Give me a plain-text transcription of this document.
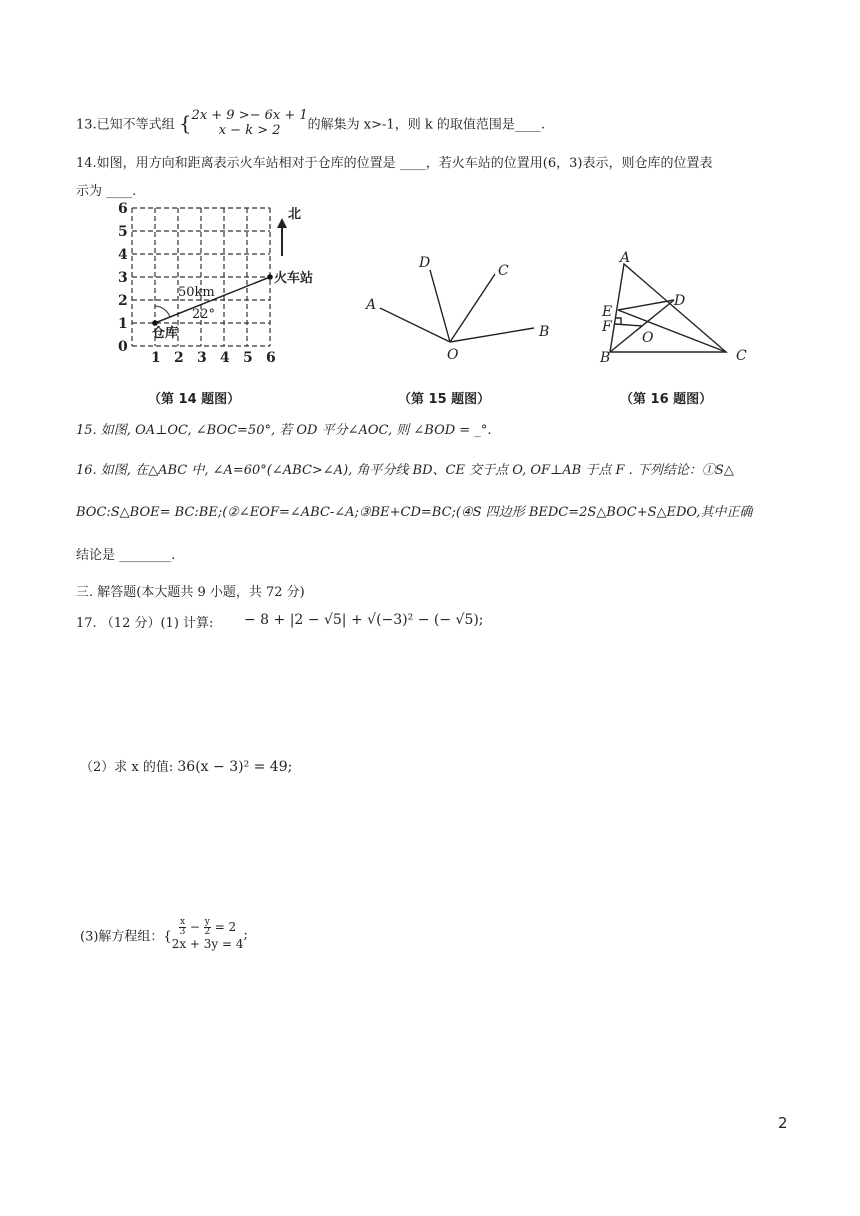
13.已知不等式组 { 2x + 9 >− 6x + 1
x − k > 2	的解集为 x>-1，则 k 的取值范围是____.
14.如图，用方向和距离表示火车站相对于仓库的位置是 ____，若火车站的位置用(6，3)表示，则仓库的位置表
示为 ____.
6
5
4
3
2
1
0
1 2 3 4 5 6
50km
22°
仓库
火车站
北
（第 14 题图）
A
D	C
B
O
（第 15 题图）
A
B	C
D
E
F
O
（第 16 题图）
15. 如图, OA⊥OC, ∠BOC=50°, 若 OD 平分∠AOC, 则 ∠BOD = _°.
16. 如图, 在△ABC 中, ∠A=60°(∠ABC>∠A), 角平分线 BD、CE 交于点 O, OF⊥AB 于点 F . 下列结论：①S△
BOC:S△BOE= BC:BE;(②∠EOF=∠ABC-∠A;③BE+CD=BC;(④S 四边形 BEDC=2S△BOC+S△EDO,其中正确
结论是 ________.
三. 解答题(本大题共 9 小题，共 72 分)
17. （12 分）(1) 计算: − 8 + |2 − √5| + √(−3)² − (− √5);
（2）求 x 的值: 36(x − 3)² = 49;
(3)解方程组：{ $\frac{x}{3} - \frac{y}{2} = 2$
2x + 3y = 4
;
2
